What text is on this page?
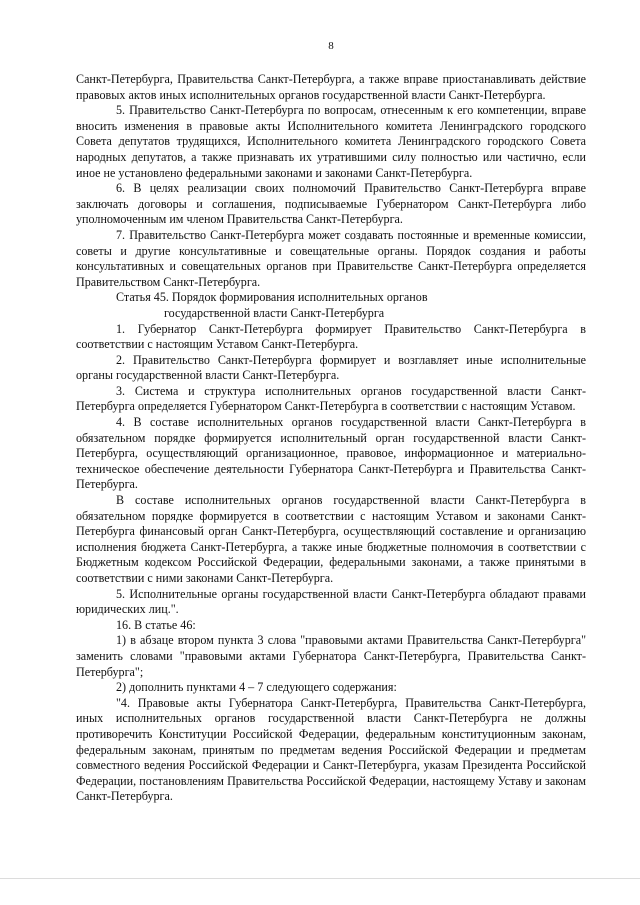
8

Санкт-Петербурга, Правительства Санкт-Петербурга, а также вправе приостанавливать действие правовых актов иных исполнительных органов государственной власти Санкт-Петербурга.

5. Правительство Санкт-Петербурга по вопросам, отнесенным к его компетенции, вправе вносить изменения в правовые акты Исполнительного комитета Ленинградского городского Совета депутатов трудящихся, Исполнительного комитета Ленинградского городского Совета народных депутатов, а также признавать их утратившими силу полностью или частично, если иное не установлено федеральными законами и законами Санкт-Петербурга.

6. В целях реализации своих полномочий Правительство Санкт-Петербурга вправе заключать договоры и соглашения, подписываемые Губернатором Санкт-Петербурга либо уполномоченным им членом Правительства Санкт-Петербурга.

7. Правительство Санкт-Петербурга может создавать постоянные и временные комиссии, советы и другие консультативные и совещательные органы. Порядок создания и работы консультативных и совещательных органов при Правительстве Санкт-Петербурга определяется Правительством Санкт-Петербурга.

Статья 45. Порядок формирования исполнительных органов
государственной власти Санкт-Петербурга

1. Губернатор Санкт-Петербурга формирует Правительство Санкт-Петербурга в соответствии с настоящим Уставом Санкт-Петербурга.

2. Правительство Санкт-Петербурга формирует и возглавляет иные исполнительные органы государственной власти Санкт-Петербурга.

3. Система и структура исполнительных органов государственной власти Санкт-Петербурга определяется Губернатором Санкт-Петербурга в соответствии с настоящим Уставом.

4. В составе исполнительных органов государственной власти Санкт-Петербурга в обязательном порядке формируется исполнительный орган государственной власти Санкт-Петербурга, осуществляющий организационное, правовое, информационное и материально-техническое обеспечение деятельности Губернатора Санкт-Петербурга и Правительства Санкт-Петербурга.

В составе исполнительных органов государственной власти Санкт-Петербурга в обязательном порядке формируется в соответствии с настоящим Уставом и законами Санкт-Петербурга финансовый орган Санкт-Петербурга, осуществляющий составление и организацию исполнения бюджета Санкт-Петербурга, а также иные бюджетные полномочия в соответствии с Бюджетным кодексом Российской Федерации, федеральными законами, а также принятыми в соответствии с ними законами Санкт-Петербурга.

5. Исполнительные органы государственной власти Санкт-Петербурга обладают правами юридических лиц.".

16. В статье 46:

1) в абзаце втором пункта 3 слова "правовыми актами Правительства Санкт-Петербурга" заменить словами "правовыми актами Губернатора Санкт-Петербурга, Правительства Санкт-Петербурга";

2) дополнить пунктами 4 – 7 следующего содержания:

"4. Правовые акты Губернатора Санкт-Петербурга, Правительства Санкт-Петербурга, иных исполнительных органов государственной власти Санкт-Петербурга не должны противоречить Конституции Российской Федерации, федеральным конституционным законам, федеральным законам, принятым по предметам ведения Российской Федерации и предметам совместного ведения Российской Федерации и Санкт-Петербурга, указам Президента Российской Федерации, постановлениям Правительства Российской Федерации, настоящему Уставу и законам Санкт-Петербурга.
